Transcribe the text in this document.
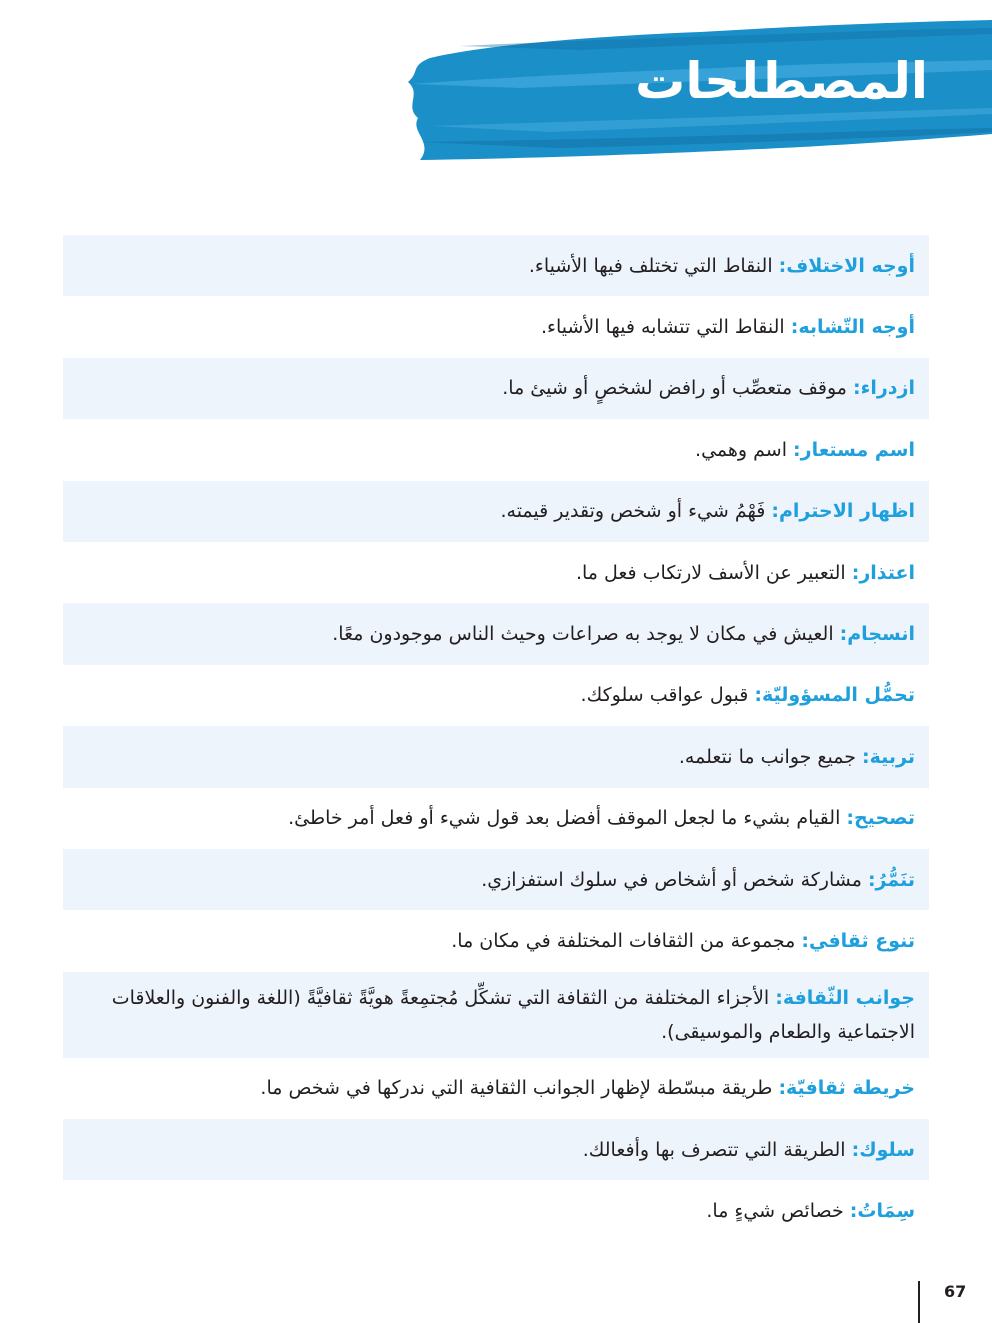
المصطلحات
أوجه الاختلاف: النقاط التي تختلف فيها الأشياء.
أوجه التّشابه: النقاط التي تتشابه فيها الأشياء.
ازدراء: موقف متعصِّب أو رافض لشخصٍ أو شيئ ما.
اسم مستعار: اسم وهمي.
اظهار الاحترام: فَهْمُ شيء أو شخص وتقدير قيمته.
اعتذار: التعبير عن الأسف لارتكاب فعل ما.
انسجام: العيش في مكان لا يوجد به صراعات وحيث الناس موجودون معًا.
تحمُّل المسؤوليّة: قبول عواقب سلوكك.
تربية: جميع جوانب ما نتعلمه.
تصحيح: القيام بشيء ما لجعل الموقف أفضل بعد قول شيء أو فعل أمر خاطئ.
تنَمُّرُ: مشاركة شخص أو أشخاص في سلوك استفزازي.
تنوع ثقافي: مجموعة من الثقافات المختلفة في مكان ما.
جوانب الثّقافة: الأجزاء المختلفة من الثقافة التي تشكِّل مُجتمِعةً هويَّةً ثقافيَّةً (اللغة والفنون والعلاقات الاجتماعية والطعام والموسيقى).
خريطة ثقافيّة: طريقة مبسّطة لإظهار الجوانب الثقافية التي ندركها في شخص ما.
سلوك: الطريقة التي تتصرف بها وأفعالك.
سِمَاتُ: خصائص شيءٍ ما.
67
